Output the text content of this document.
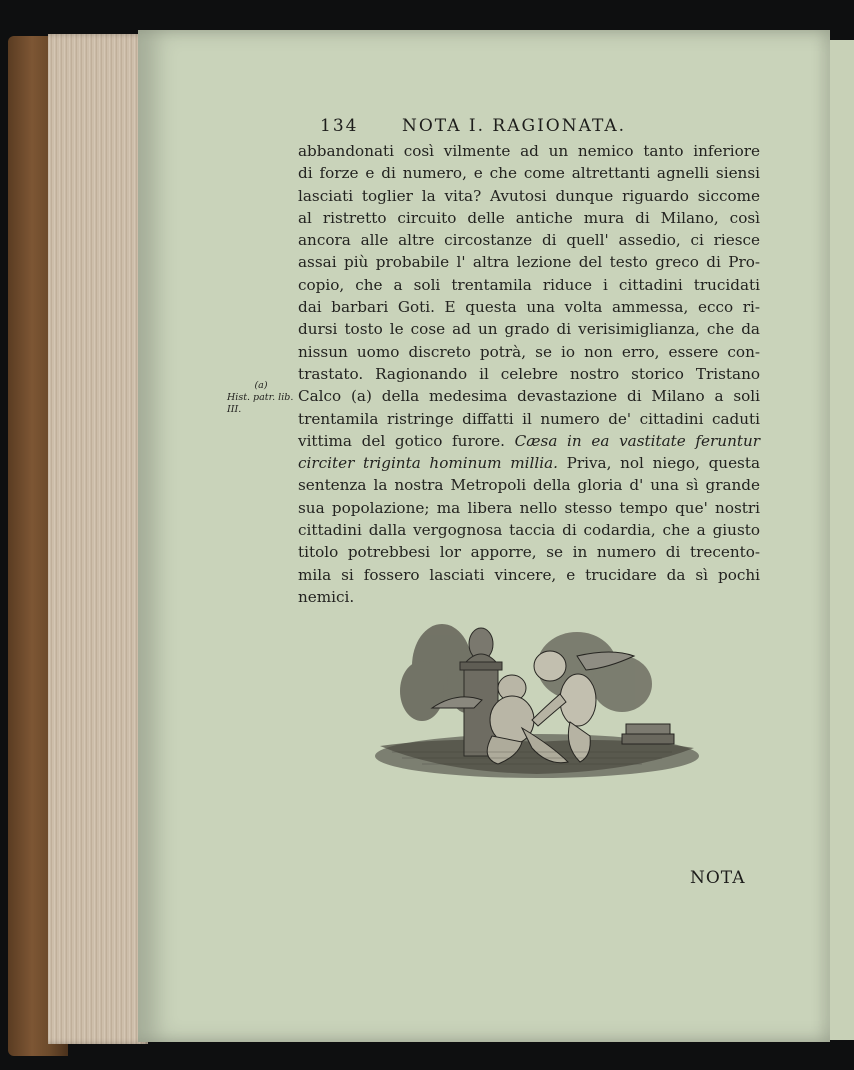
134	NOTA I. RAGIONATA.
abbandonati così vilmente ad un nemico tanto inferiore
di forze e di numero, e che come altrettanti agnelli siensi
lasciati toglier la vita? Avutosi dunque riguardo siccome
al ristretto circuito delle antiche mura di Milano, così
ancora alle altre circostanze di quell' assedio, ci riesce
assai più probabile l' altra lezione del testo greco di Pro-
copio, che a soli trentamila riduce i cittadini trucidati
dai barbari Goti. E questa una volta ammessa, ecco ri-
dursi tosto le cose ad un grado di verisimiglianza, che da
nissun uomo discreto potrà, se io non erro, essere con-
trastato. Ragionando il celebre nostro storico Tristano
Calco (a) della medesima devastazione di Milano a soli
trentamila ristringe diffatti il numero de' cittadini caduti
vittima del gotico furore. Cæsa in ea vastitate feruntur
circiter triginta hominum millia. Priva, nol niego, questa
sentenza la nostra Metropoli della gloria d' una sì grande
sua popolazione; ma libera nello stesso tempo que' nostri
cittadini dalla vergognosa taccia di codardia, che a giusto
titolo potrebbesi lor apporre, se in numero di trecento-
mila si fossero lasciati vincere, e trucidare da sì pochi
nemici.
(a)
Hist. patr. lib. III.
NOTA
